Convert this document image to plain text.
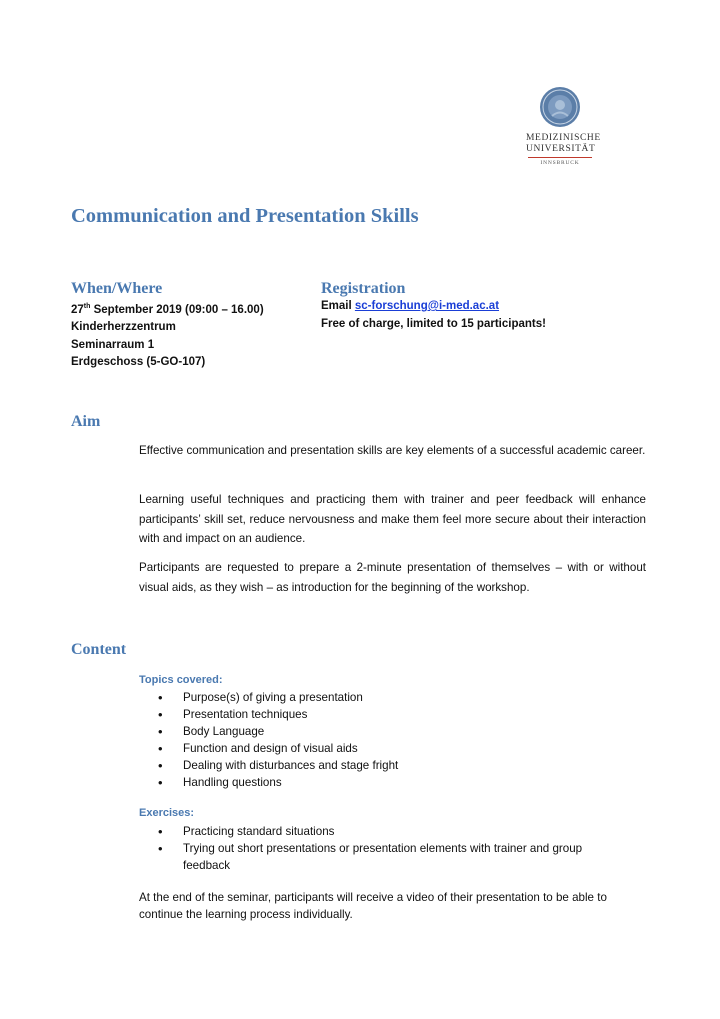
MEDIZINISCHE
UNIVERSITÄT
INNSBRUCK
Communication and Presentation Skills
When/Where
27th September 2019 (09:00 – 16.00)
Kinderherzzentrum
Seminarraum 1
Erdgeschoss (5-GO-107)
Registration
Email sc-forschung@i-med.ac.at
Free of charge, limited to 15 participants!
Aim

Effective communication and presentation skills are key elements of a successful academic career.

Learning useful techniques and practicing them with trainer and peer feedback will enhance participants’ skill set, reduce nervousness and make them feel more secure about their interaction with and impact on an audience.

Participants are requested to prepare a 2-minute presentation of themselves – with or without visual aids, as they wish – as introduction for the beginning of the workshop.

Content
Topics covered:
• Purpose(s) of giving a presentation
• Presentation techniques
• Body Language
• Function and design of visual aids
• Dealing with disturbances and stage fright
• Handling questions
Exercises:
• Practicing standard situations
• Trying out short presentations or presentation elements with trainer and group feedback

At the end of the seminar, participants will receive a video of their presentation to be able to continue the learning process individually.
